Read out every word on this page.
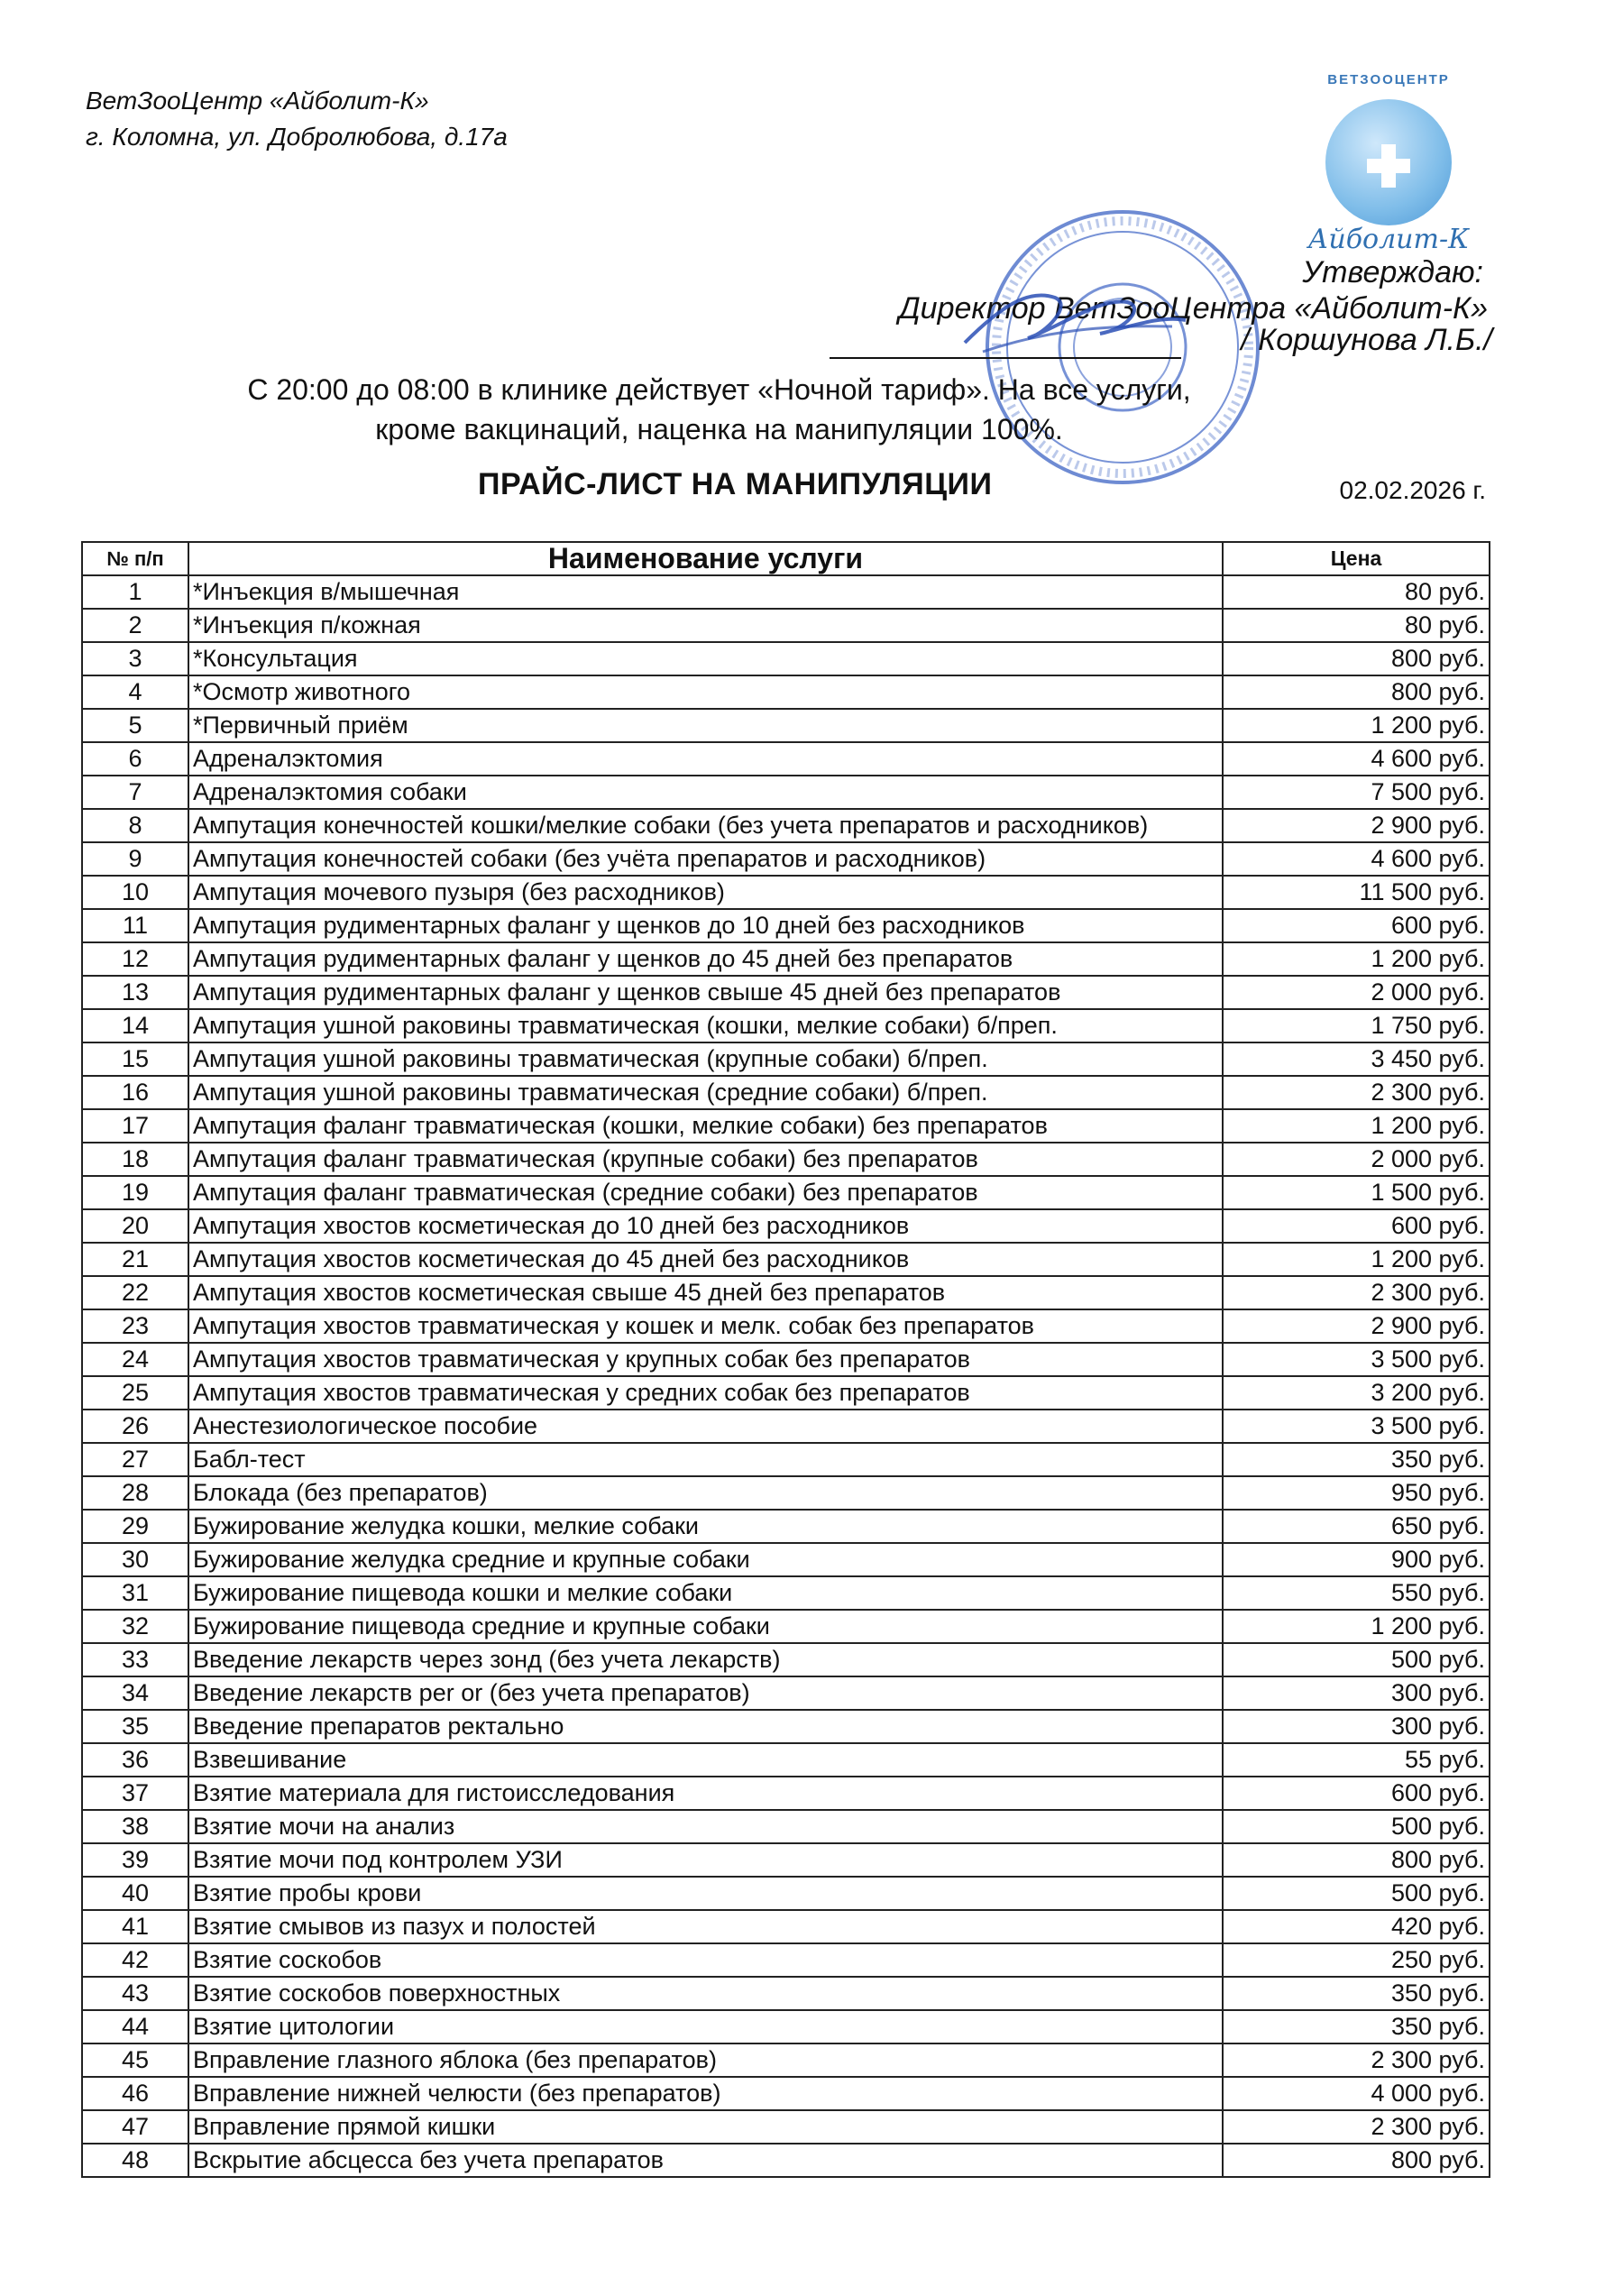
ВетЗооЦентр «Айболит-К»
г. Коломна, ул. Добролюбова, д.17а
ВЕТЗООЦЕНТР
Айболит-К
Утверждаю:
Директор ВетЗооЦентра «Айболит-К»
/ Коршунова Л.Б./
С 20:00 до 08:00 в клинике действует «Ночной тариф». На все услуги,
кроме вакцинаций, наценка на манипуляции 100%.
ПРАЙС-ЛИСТ НА МАНИПУЛЯЦИИ	02.02.2026 г.
№ п/п	Наименование услуги	Цена
1	*Инъекция в/мышечная	80 руб.
2	*Инъекция п/кожная	80 руб.
3	*Консультация	800 руб.
4	*Осмотр животного	800 руб.
5	*Первичный приём	1 200 руб.
6	Адреналэктомия	4 600 руб.
7	Адреналэктомия собаки	7 500 руб.
8	Ампутация конечностей кошки/мелкие собаки (без учета препаратов и расходников)	2 900 руб.
9	Ампутация конечностей собаки (без учёта препаратов и расходников)	4 600 руб.
10	Ампутация мочевого пузыря (без расходников)	11 500 руб.
11	Ампутация рудиментарных фаланг у щенков до 10 дней без расходников	600 руб.
12	Ампутация рудиментарных фаланг у щенков до 45 дней без препаратов	1 200 руб.
13	Ампутация рудиментарных фаланг у щенков свыше 45 дней без препаратов	2 000 руб.
14	Ампутация ушной раковины травматическая (кошки, мелкие собаки) б/преп.	1 750 руб.
15	Ампутация ушной раковины травматическая (крупные собаки) б/преп.	3 450 руб.
16	Ампутация ушной раковины травматическая (средние собаки) б/преп.	2 300 руб.
17	Ампутация фаланг травматическая (кошки, мелкие собаки) без препаратов	1 200 руб.
18	Ампутация фаланг травматическая (крупные собаки) без препаратов	2 000 руб.
19	Ампутация фаланг травматическая (средние собаки) без препаратов	1 500 руб.
20	Ампутация хвостов косметическая до 10 дней без расходников	600 руб.
21	Ампутация хвостов косметическая до 45 дней без расходников	1 200 руб.
22	Ампутация хвостов косметическая свыше 45 дней без препаратов	2 300 руб.
23	Ампутация хвостов травматическая у кошек и мелк. собак без препаратов	2 900 руб.
24	Ампутация хвостов травматическая у крупных собак без препаратов	3 500 руб.
25	Ампутация хвостов травматическая у средних собак без препаратов	3 200 руб.
26	Анестезиологическое пособие	3 500 руб.
27	Бабл-тест	350 руб.
28	Блокада (без препаратов)	950 руб.
29	Бужирование желудка кошки, мелкие собаки	650 руб.
30	Бужирование желудка средние и крупные собаки	900 руб.
31	Бужирование пищевода кошки и мелкие собаки	550 руб.
32	Бужирование пищевода средние и крупные собаки	1 200 руб.
33	Введение лекарств через зонд (без учета лекарств)	500 руб.
34	Введение лекарств per or (без учета препаратов)	300 руб.
35	Введение препаратов ректально	300 руб.
36	Взвешивание	55 руб.
37	Взятие материала для гистоисследования	600 руб.
38	Взятие мочи на анализ	500 руб.
39	Взятие мочи под контролем УЗИ	800 руб.
40	Взятие пробы крови	500 руб.
41	Взятие смывов из пазух и полостей	420 руб.
42	Взятие соскобов	250 руб.
43	Взятие соскобов поверхностных	350 руб.
44	Взятие цитологии	350 руб.
45	Вправление глазного яблока (без препаратов)	2 300 руб.
46	Вправление нижней челюсти (без препаратов)	4 000 руб.
47	Вправление прямой кишки	2 300 руб.
48	Вскрытие абсцесса без учета препаратов	800 руб.
